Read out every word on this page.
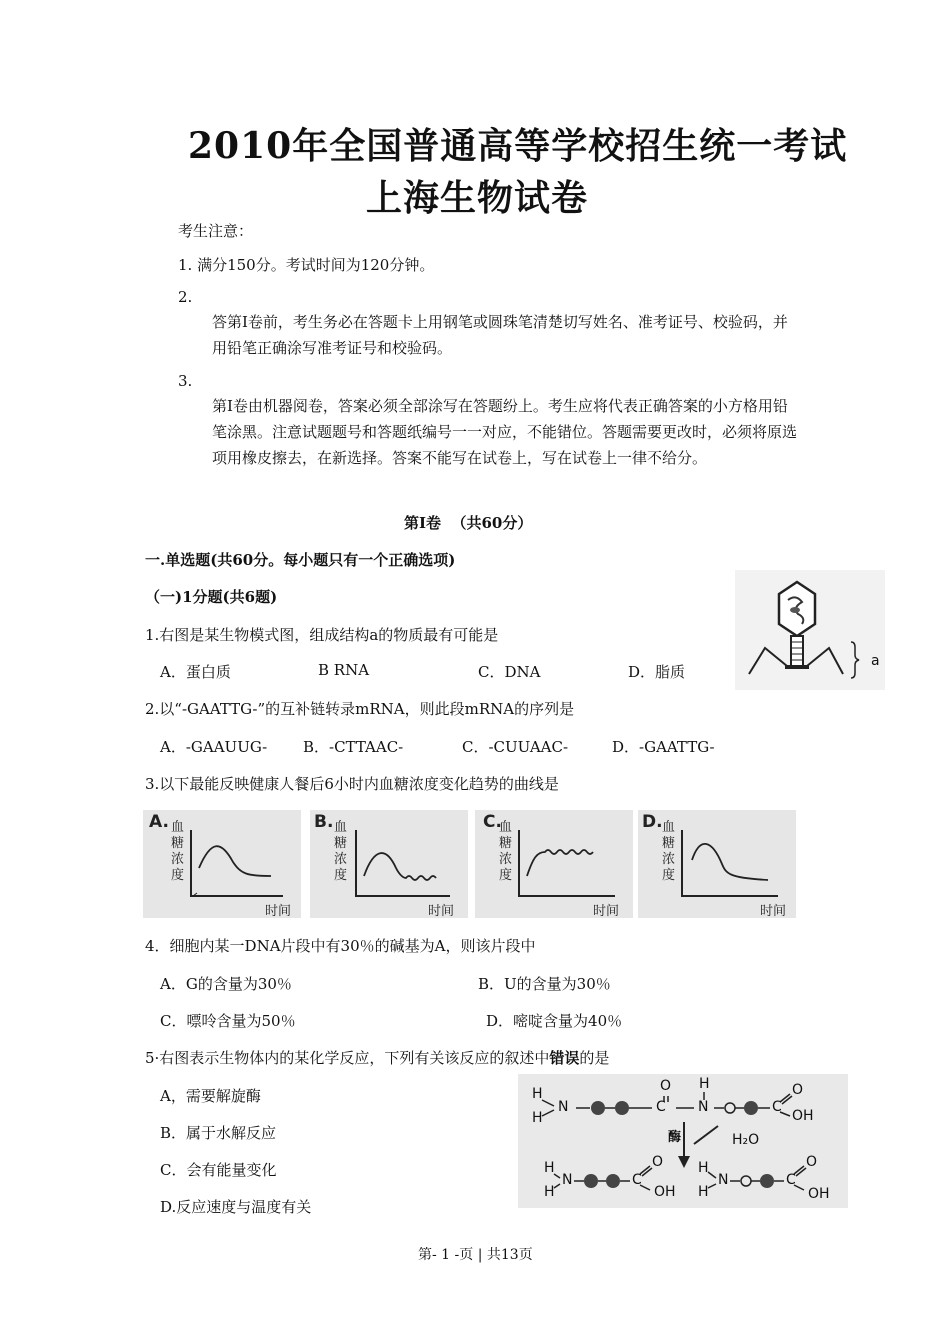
2010年全国普通高等学校招生统一考试
上海生物试卷
考生注意：
1. 满分150分。考试时间为120分钟。
2.
答第Ⅰ卷前，考生务必在答题卡上用钢笔或圆珠笔清楚切写姓名、准考证号、校验码，并用铅笔正确涂写准考证号和校验码。
3.
第Ⅰ卷由机器阅卷，答案必须全部涂写在答题纷上。考生应将代表正确答案的小方格用铅笔涂黑。注意试题题号和答题纸编号一一对应，不能错位。答题需要更改时，必须将原选项用橡皮擦去，在新选择。答案不能写在试卷上，写在试卷上一律不给分。
第Ⅰ卷  （共60分）
一.单选题(共60分。每小题只有一个正确选项)
（一)1分题(共6题)
1.右图是某生物模式图，组成结构a的物质最有可能是
A．蛋白质	B RNA	C．DNA	D．脂质
a
2.以“-GAATTG-”的互补链转录mRNA，则此段mRNA的序列是
A．-GAAUUG- B．-CTTAAC-	C．-CUUAAC-	D．-GAATTG-
3.以下最能反映健康人餐后6小时内血糖浓度变化趋势的曲线是
A. 血糖浓度
时间
B. 血糖浓度
时间
C.
血糖浓度
时间
D. 血糖浓度
时间
4．细胞内某一DNA片段中有30％的碱基为A，则该片段中
A．G的含量为30％	B．U的含量为30％
C．嘌呤含量为50％	D．嘧啶含量为40％
5·右图表示生物体内的某化学反应，下列有关该反应的叙述中错误的是
A，需要解旋酶
B．属于水解反应
C．会有能量变化
D.反应速度与温度有关
H
H
N	C
O
N
H
C
O
OH
酶	H₂O
H
H
N	C
O
OH
H
H
N	C
O
OH
第- 1 -页 | 共13页
